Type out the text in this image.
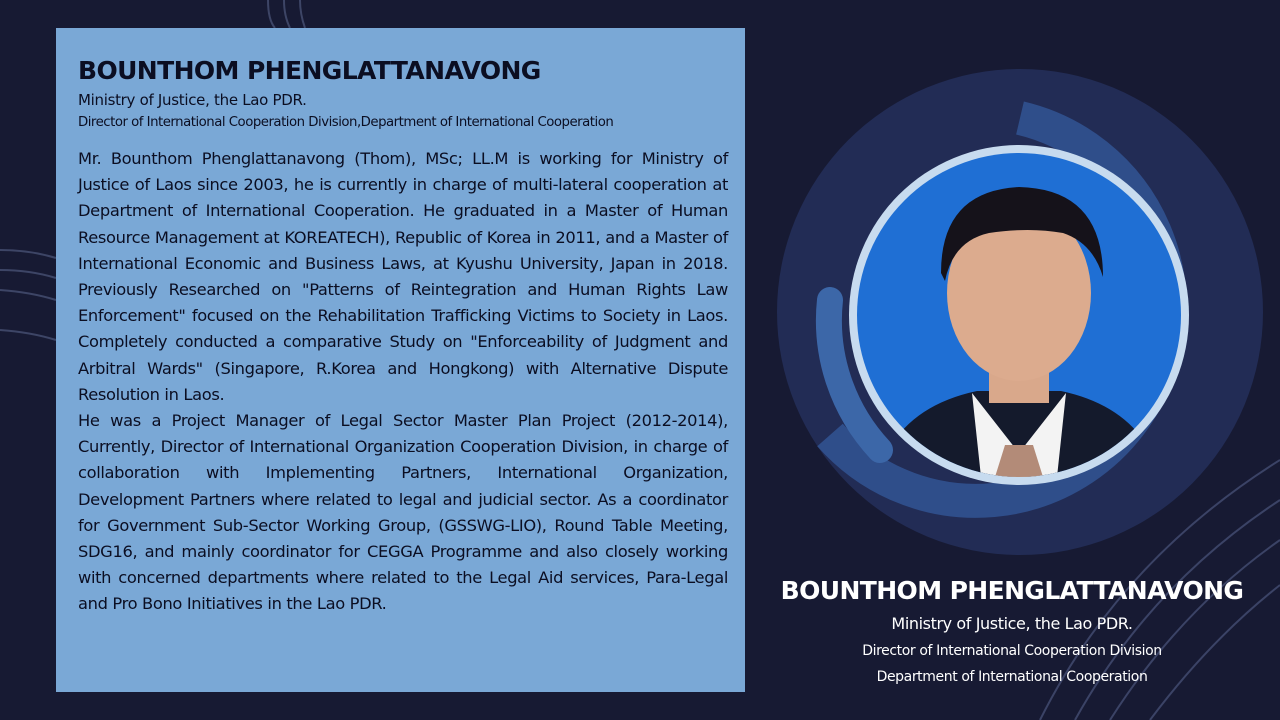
BOUNTHOM PHENGLATTANAVONG
Ministry of Justice, the Lao PDR.
Director of International Cooperation Division,Department of International Cooperation

Mr. Bounthom Phenglattanavong (Thom), MSc; LL.M is working for Ministry of Justice of Laos since 2003, he is currently in charge of multi-lateral cooperation at Department of International Cooperation. He graduated in a Master of Human Resource Management at KOREATECH), Republic of Korea in 2011, and a Master of International Economic and Business Laws, at Kyushu University, Japan in 2018. Previously Researched on "Patterns of Reintegration and Human Rights Law Enforcement" focused on the Rehabilitation Trafficking Victims to Society in Laos. Completely conducted a comparative Study on "Enforceability of Judgment and Arbitral Wards" (Singapore, R.Korea and Hongkong) with Alternative Dispute Resolution in Laos.

He was a Project Manager of Legal Sector Master Plan Project (2012-2014), Currently, Director of International Organization Cooperation Division, in charge of collaboration with Implementing Partners, International Organization, Development Partners where related to legal and judicial sector. As a coordinator for Government Sub-Sector Working Group, (GSSWG-LIO), Round Table Meeting, SDG16, and mainly coordinator for CEGGA Programme and also closely working with concerned departments where related to the Legal Aid services, Para-Legal and Pro Bono Initiatives in the Lao PDR.	BOUNTHOM PHENGLATTANAVONG
Ministry of Justice, the Lao PDR.
Director of International Cooperation Division
Department of International Cooperation
